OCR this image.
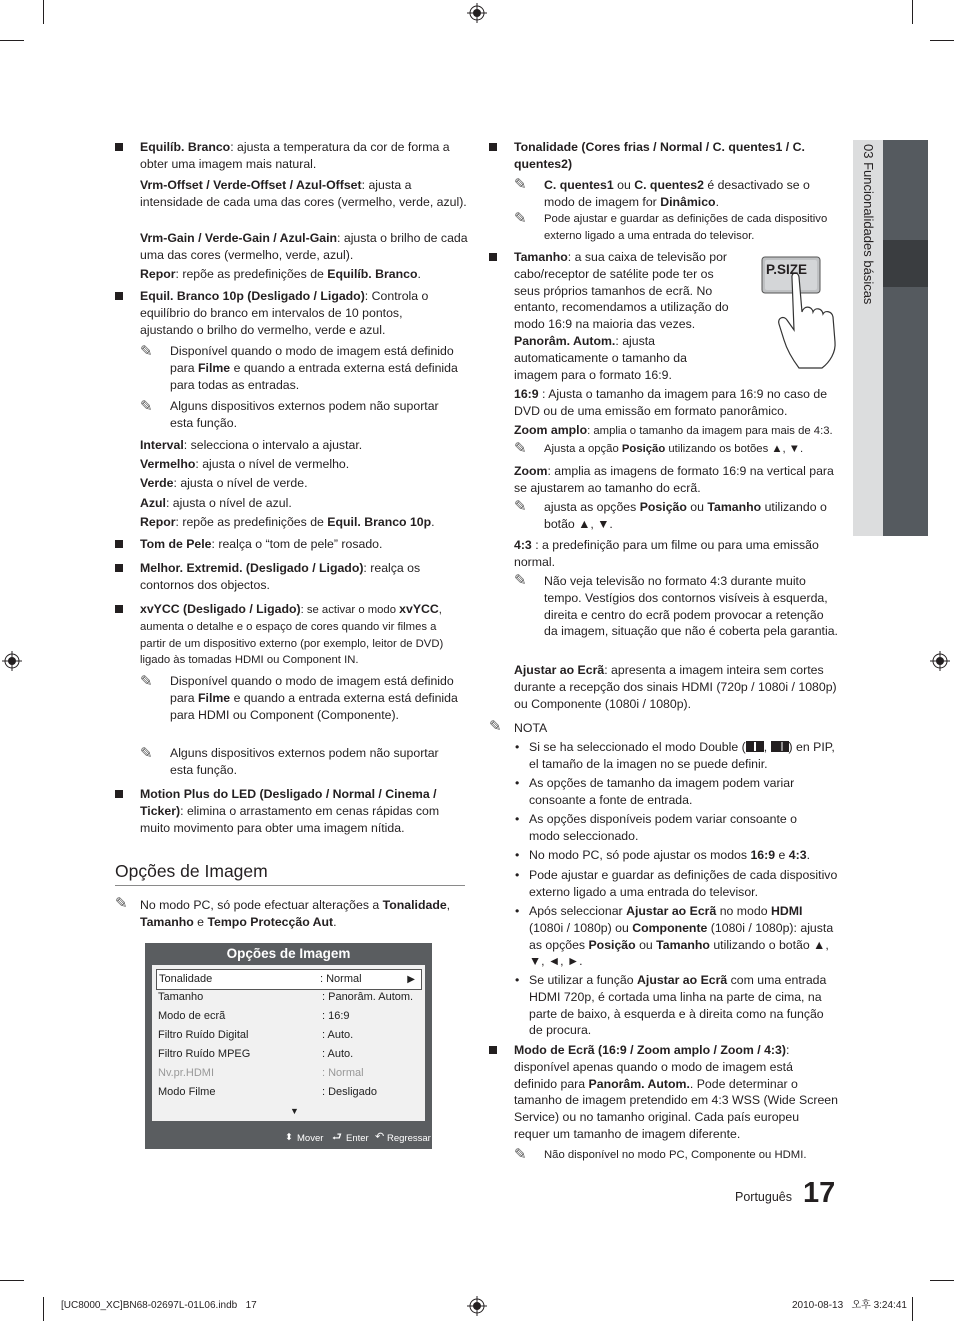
03 Funcionalidades básicas
Equilíb. Branco: ajusta a temperatura da cor de forma a obter uma imagem mais natural.
Vrm-Offset / Verde-Offset / Azul-Offset: ajusta a intensidade de cada uma das cores (vermelho, verde, azul).
Vrm-Gain / Verde-Gain / Azul-Gain: ajusta o brilho de cada uma das cores (vermelho, verde, azul).
Repor: repõe as predefinições de Equilíb. Branco.
Equil. Branco 10p (Desligado / Ligado): Controla o equilíbrio do branco em intervalos de 10 pontos, ajustando o brilho do vermelho, verde e azul.
✎ Disponível quando o modo de imagem está definido para Filme e quando a entrada externa está definida para todas as entradas.
✎ Alguns dispositivos externos podem não suportar esta função.
Interval: selecciona o intervalo a ajustar.
Vermelho: ajusta o nível de vermelho.
Verde: ajusta o nível de verde.
Azul: ajusta o nível de azul.
Repor: repõe as predefinições de Equil. Branco 10p.
Tom de Pele: realça o “tom de pele” rosado.
Melhor. Extremid. (Desligado / Ligado): realça os contornos dos objectos.
xvYCC (Desligado / Ligado): se activar o modo xvYCC, aumenta o detalhe e o espaço de cores quando vir filmes a partir de um dispositivo externo (por exemplo, leitor de DVD) ligado às tomadas HDMI ou Component IN.
✎ Disponível quando o modo de imagem está definido para Filme e quando a entrada externa está definida para HDMI ou Component (Componente).
✎ Alguns dispositivos externos podem não suportar esta função.
Motion Plus do LED (Desligado / Normal / Cinema / Ticker): elimina o arrastamento em cenas rápidas com muito movimento para obter uma imagem nítida.
Opções de Imagem
✎ No modo PC, só pode efectuar alterações a Tonalidade, Tamanho e Tempo Protecção Aut.
Opções de Imagem
Tonalidade	: Normal	▶
Tamanho	: Panorâm. Autom.
Modo de ecrã	: 16:9
Filtro Ruído Digital	: Auto.
Filtro Ruído MPEG	: Auto.
Nv.pr.HDMI	: Normal
Modo Filme	: Desligado
▼
⬍ Mover ⮐ Enter ↶ Regressar
Tonalidade (Cores frias / Normal / C. quentes1 / C. quentes2)
✎ C. quentes1 ou C. quentes2 é desactivado se o modo de imagem for Dinâmico.
✎ Pode ajustar e guardar as definições de cada dispositivo externo ligado a uma entrada do televisor.
Tamanho: a sua caixa de televisão por cabo/receptor de satélite pode ter os seus próprios tamanhos de ecrã. No entanto, recomendamos a utilização do modo 16:9 na maioria das vezes.
Panorâm. Autom.: ajusta automaticamente o tamanho da imagem para o formato 16:9.
P.SIZE
16:9 : Ajusta o tamanho da imagem para 16:9 no caso de DVD ou de uma emissão em formato panorâmico.
Zoom amplo: amplia o tamanho da imagem para mais de 4:3.
✎ Ajusta a opção Posição utilizando os botões ▲, ▼.
Zoom: amplia as imagens de formato 16:9 na vertical para se ajustarem ao tamanho do ecrã.
✎ ajusta as opções Posição ou Tamanho utilizando o botão ▲, ▼.
4:3 : a predefinição para um filme ou para uma emissão normal.
✎ Não veja televisão no formato 4:3 durante muito tempo. Vestígios dos contornos visíveis à esquerda, direita e centro do ecrã podem provocar a retenção da imagem, situação que não é coberta pela garantia.
Ajustar ao Ecrã: apresenta a imagem inteira sem cortes durante a recepção dos sinais HDMI (720p / 1080i / 1080p) ou Componente (1080i / 1080p).
✎ NOTA
• Si se ha seleccionado el modo Double ( , ) en PIP, el tamaño de la imagen no se puede definir.
• As opções de tamanho da imagem podem variar consoante a fonte de entrada.
• As opções disponíveis podem variar consoante o modo seleccionado.
• No modo PC, só pode ajustar os modos 16:9 e 4:3.
• Pode ajustar e guardar as definições de cada dispositivo externo ligado a uma entrada do televisor.
• Após seleccionar Ajustar ao Ecrã no modo HDMI (1080i / 1080p) ou Componente (1080i / 1080p): ajusta as opções Posição ou Tamanho utilizando o botão ▲, ▼, ◄, ►.
• Se utilizar a função Ajustar ao Ecrã com uma entrada HDMI 720p, é cortada uma linha na parte de cima, na parte de baixo, à esquerda e à direita como na função de procura.
Modo de Ecrã (16:9 / Zoom amplo / Zoom / 4:3): disponível apenas quando o modo de imagem está definido para Panorâm. Autom.. Pode determinar o tamanho de imagem pretendido em 4:3 WSS (Wide Screen Service) ou no tamanho original. Cada país europeu requer um tamanho de imagem diferente.
✎ Não disponível no modo PC, Componente ou HDMI.
Português 17
[UC8000_XC]BN68-02697L-01L06.indb   17	2010-08-13   오후 3:24:41
